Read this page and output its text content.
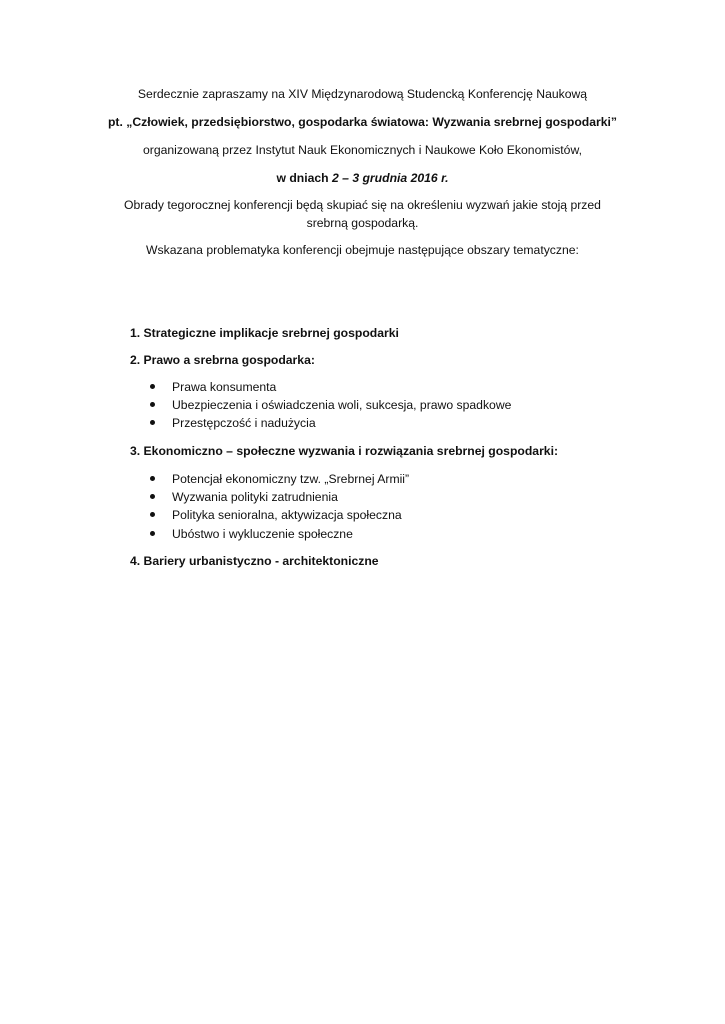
Serdecznie zapraszamy na XIV Międzynarodową Studencką Konferencję Naukową
pt. „Człowiek, przedsiębiorstwo, gospodarka światowa: Wyzwania srebrnej gospodarki”
organizowaną przez Instytut Nauk Ekonomicznych i Naukowe Koło Ekonomistów,
w dniach 2 – 3 grudnia 2016 r.
Obrady tegorocznej konferencji będą skupiać się na określeniu wyzwań jakie stoją przed
srebrną gospodarką.
Wskazana problematyka konferencji obejmuje następujące obszary tematyczne:
1. Strategiczne implikacje srebrnej gospodarki
2. Prawo a srebrna gospodarka:
Prawa konsumenta
Ubezpieczenia i oświadczenia woli, sukcesja, prawo spadkowe
Przestępczość i nadużycia
3. Ekonomiczno – społeczne wyzwania i rozwiązania srebrnej gospodarki:
Potencjał ekonomiczny tzw. „Srebrnej Armii”
Wyzwania polityki zatrudnienia
Polityka senioralna, aktywizacja społeczna
Ubóstwo i wykluczenie społeczne
4. Bariery urbanistyczno - architektoniczne
